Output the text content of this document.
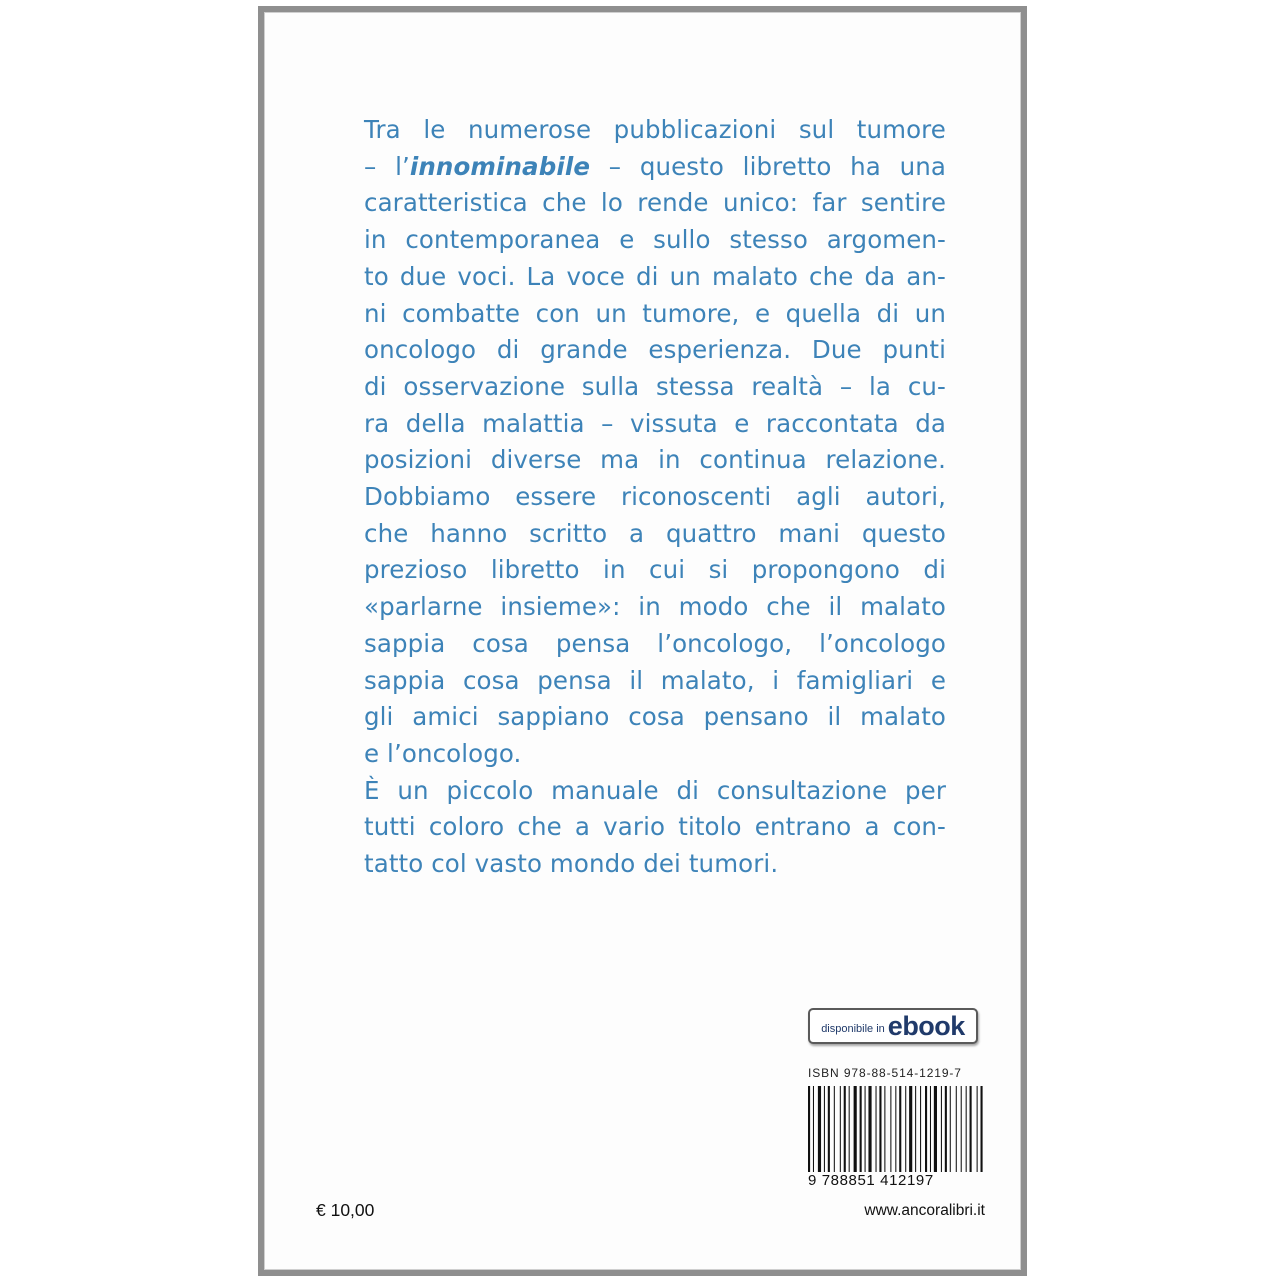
Tra le numerose pubblicazioni sul tumore
– l’innominabile – questo libretto ha una
caratteristica che lo rende unico: far sentire
in contemporanea e sullo stesso argomen-
to due voci. La voce di un malato che da an-
ni combatte con un tumore, e quella di un
oncologo di grande esperienza. Due punti
di osservazione sulla stessa realtà – la cu-
ra della malattia – vissuta e raccontata da
posizioni diverse ma in continua relazione.
Dobbiamo essere riconoscenti agli autori,
che hanno scritto a quattro mani questo
prezioso libretto in cui si propongono di
«parlarne insieme»: in modo che il malato
sappia cosa pensa l’oncologo, l’oncologo
sappia cosa pensa il malato, i famigliari e
gli amici sappiano cosa pensano il malato
e l’oncologo.
È un piccolo manuale di consultazione per
tutti coloro che a vario titolo entrano a con-
tatto col vasto mondo dei tumori.
disponibile in ebook
ISBN 978-88-514-1219-7
9 788851 412197
€ 10,00	www.ancoralibri.it
